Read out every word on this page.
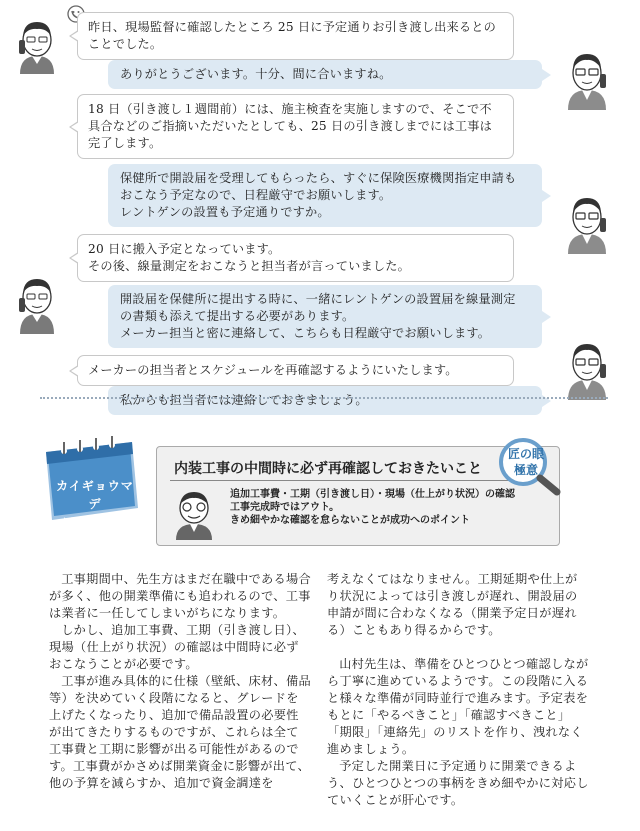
昨日、現場監督に確認したところ 25 日に予定通りお引き渡し出来るとの
ことでした。
ありがとうございます。十分、間に合いますね。
18 日（引き渡し１週間前）には、施主検査を実施しますので、そこで不
具合などのご指摘いただいたとしても、25 日の引き渡しまでには工事は
完了します。
保健所で開設届を受理してもらったら、すぐに保険医療機関指定申請も
おこなう予定なので、日程厳守でお願いします。
レントゲンの設置も予定通りですか。
20 日に搬入予定となっています。
その後、線量測定をおこなうと担当者が言っていました。
開設届を保健所に提出する時に、一緒にレントゲンの設置届を線量測定
の書類も添えて提出する必要があります。
メーカー担当と密に連絡して、こちらも日程厳守でお願いします。
メーカーの担当者とスケジュールを再確認するようにいたします。
私からも担当者には連絡しておきましょう。
カイギョウマデ
アト５０日
内装工事の中間時に必ず再確認しておきたいこと
追加工事費・工期（引き渡し日）・現場（仕上がり状況）の確認
工事完成時ではアウト。
きめ細やかな確認を怠らないことが成功へのポイント
匠の眼
極意

工事期間中、先生方はまだ在職中である場合が多く、他の開業準備にも追われるので、工事は業者に一任してしまいがちになります。

しかし、追加工事費、工期（引き渡し日）、現場（仕上がり状況）の確認は中間時に必ずおこなうことが必要です。

工事が進み具体的に仕様（壁紙、床材、備品等）を決めていく段階になると、グレードを上げたくなったり、追加で備品設置の必要性が出てきたりするものですが、これらは全て工事費と工期に影響が出る可能性があるのです。工事費がかさめば開業資金に影響が出て、他の予算を減らすか、追加で資金調達を

考えなくてはなりません。工期延期や仕上がり状況によっては引き渡しが遅れ、開設届の申請が間に合わなくなる（開業予定日が遅れる）こともあり得るからです。

山村先生は、準備をひとつひとつ確認しながら丁寧に進めているようです。この段階に入ると様々な準備が同時並行で進みます。予定表をもとに「やるべきこと」「確認すべきこと」「期限」「連絡先」のリストを作り、洩れなく進めましょう。

予定した開業日に予定通りに開業できるよう、ひとつひとつの事柄をきめ細やかに対応していくことが肝心です。
